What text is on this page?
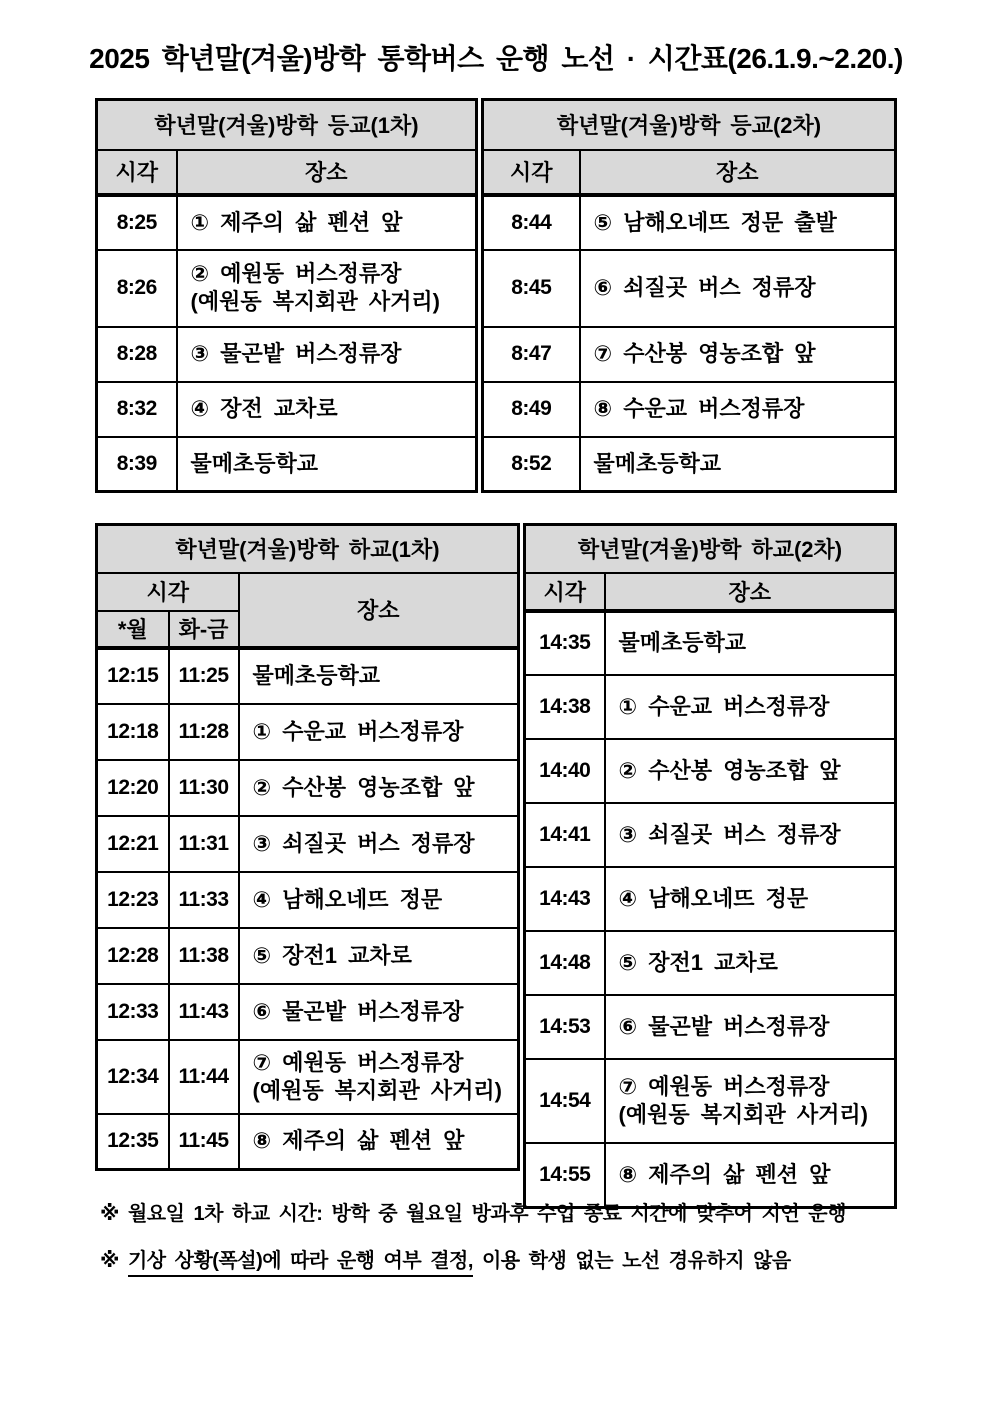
2025 학년말(겨울)방학 통학버스 운행 노선 · 시간표(26.1.9.~2.20.)
학년말(겨울)방학 등교(1차)	
시각	장소
8:25	① 제주의 삶 펜션 앞

8:26	② 예원동 버스정류장
(예원동 복지회관 사거리)

8:28	③ 물곤밭 버스정류장

8:32	④ 장전 교차로

8:39	물메초등학교
학년말(겨울)방학 등교(2차)	
시각	장소
8:44	⑤ 남해오네뜨 정문 출발

8:45	⑥ 쇠질곳 버스 정류장

8:47	⑦ 수산봉 영농조합 앞

8:49	⑧ 수운교 버스정류장

8:52	물메초등학교
학년말(겨울)방학 하교(1차)		
시각		장소
*월	화-금	
12:15	11:25	물메초등학교

12:18	11:28	① 수운교 버스정류장

12:20	11:30	② 수산봉 영농조합 앞

12:21	11:31	③ 쇠질곳 버스 정류장

12:23	11:33	④ 남해오네뜨 정문

12:28	11:38	⑤ 장전1 교차로

12:33	11:43	⑥ 물곤밭 버스정류장

12:34	11:44	⑦ 예원동 버스정류장
(예원동 복지회관 사거리)

12:35	11:45	⑧ 제주의 삶 펜션 앞
학년말(겨울)방학 하교(2차)	
시각	장소

14:35	물메초등학교

14:38	① 수운교 버스정류장

14:40	② 수산봉 영농조합 앞

14:41	③ 쇠질곳 버스 정류장

14:43	④ 남해오네뜨 정문

14:48	⑤ 장전1 교차로

14:53	⑥ 물곤밭 버스정류장

14:54	⑦ 예원동 버스정류장
(예원동 복지회관 사거리)

14:55	⑧ 제주의 삶 펜션 앞

※ 월요일 1차 하교 시간: 방학 중 월요일 방과후 수업 종료 시간에 맞추어 지연 운행

※ 기상 상황(폭설)에 따라 운행 여부 결정, 이용 학생 없는 노선 경유하지 않음
